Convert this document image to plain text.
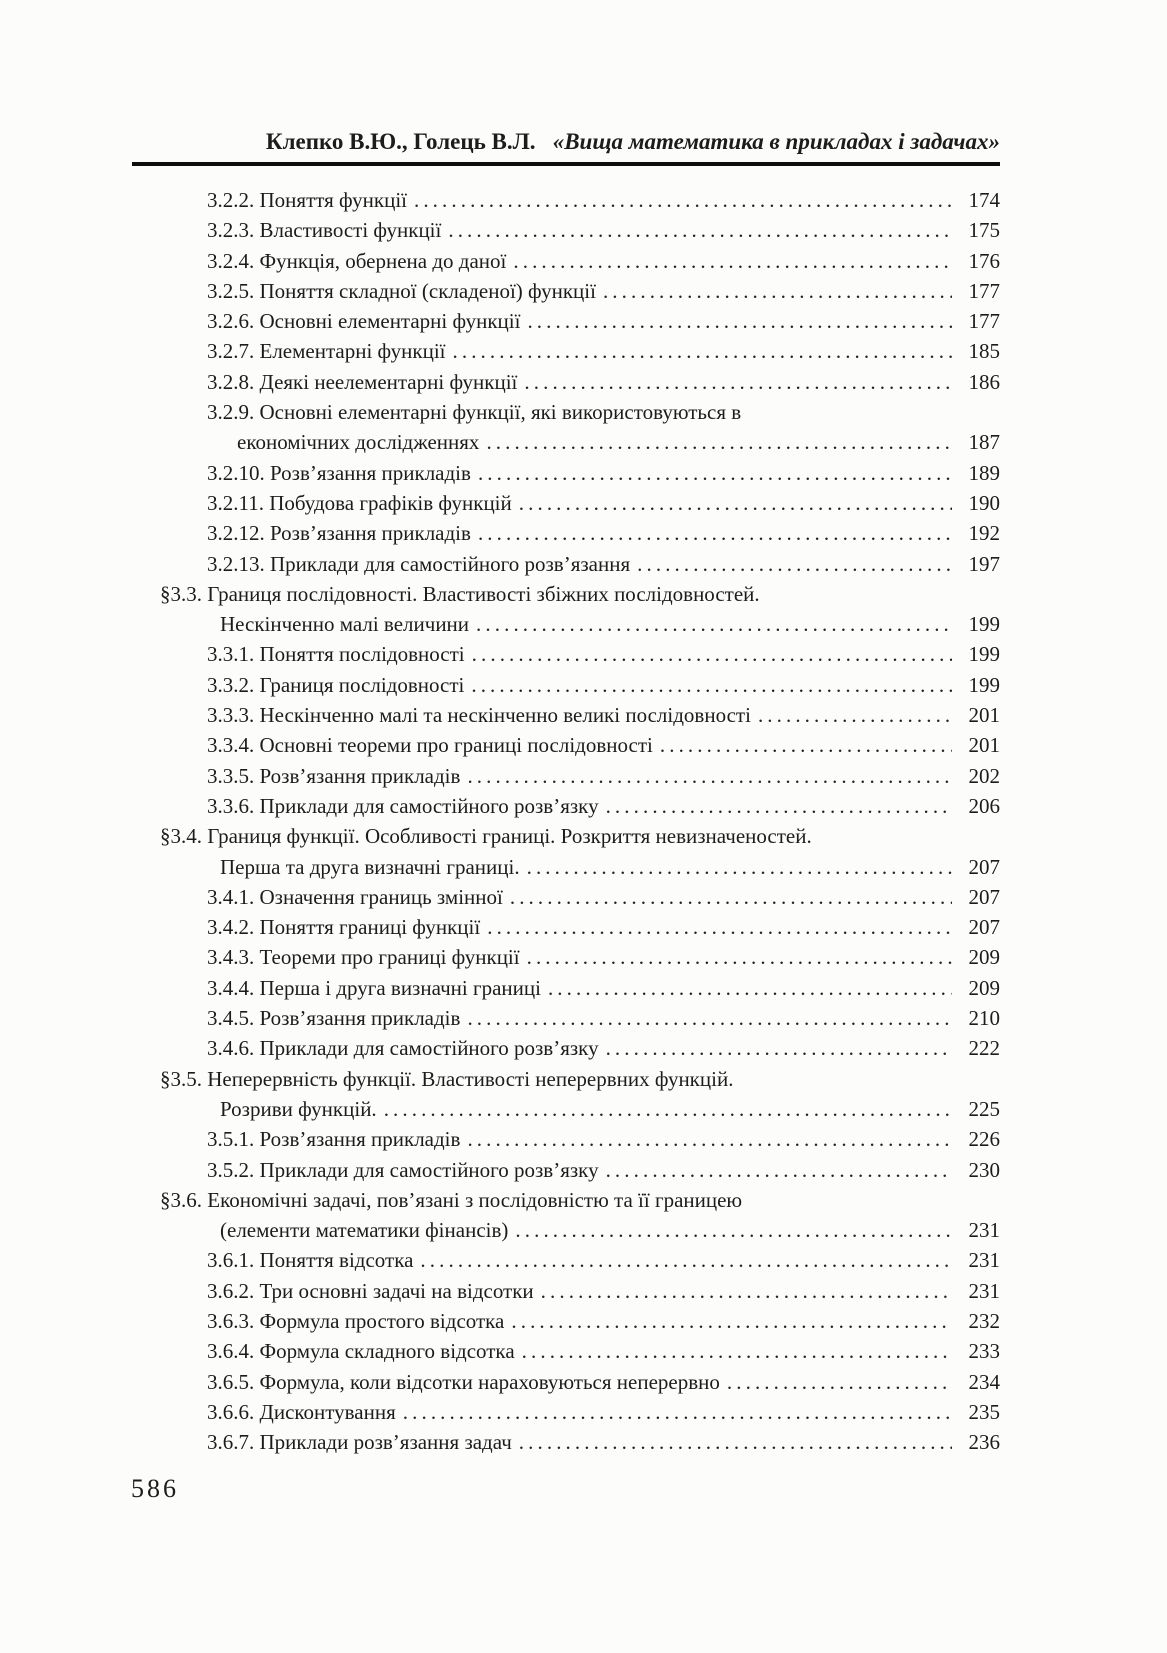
Клепко В.Ю., Голець В.Л. «Вища математика в прикладах і задачах»
3.2.2. Поняття функції .....	174
3.2.3. Властивості функції .....	175
3.2.4. Функція, обернена до даної .....	176
3.2.5. Поняття складної (складеної) функції .....	177
3.2.6. Основні елементарні функції .....	177
3.2.7. Елементарні функції .....	185
3.2.8. Деякі неелементарні функції .....	186
3.2.9. Основні елементарні функції, які використовуються в
економічних дослідженнях .....	187
3.2.10. Розв’язання прикладів .....	189
3.2.11. Побудова графіків функцій .....	190
3.2.12. Розв’язання прикладів .....	192
3.2.13. Приклади для самостійного розв’язання .....	197
§3.3. Границя послідовності. Властивості збіжних послідовностей.
Нескінченно малі величини .....	199
3.3.1. Поняття послідовності .....	199
3.3.2. Границя послідовності .....	199
3.3.3. Нескінченно малі та нескінченно великі послідовності .....	201
3.3.4. Основні теореми про границі послідовності .....	201
3.3.5. Розв’язання прикладів .....	202
3.3.6. Приклади для самостійного розв’язку .....	206
§3.4. Границя функції. Особливості границі. Розкриття невизначеностей.
Перша та друга визначні границі. .....	207
3.4.1. Означення границь змінної .....	207
3.4.2. Поняття границі функції .....	207
3.4.3. Теореми про границі функції .....	209
3.4.4. Перша і друга визначні границі .....	209
3.4.5. Розв’язання прикладів .....	210
3.4.6. Приклади для самостійного розв’язку .....	222
§3.5. Неперервність функції. Властивості неперервних функцій.
Розриви функцій. .....	225
3.5.1. Розв’язання прикладів .....	226
3.5.2. Приклади для самостійного розв’язку .....	230
§3.6. Економічні задачі, пов’язані з послідовністю та її границею
(елементи математики фінансів) .....	231
3.6.1. Поняття відсотка .....	231
3.6.2. Три основні задачі на відсотки .....	231
3.6.3. Формула простого відсотка .....	232
3.6.4. Формула складного відсотка .....	233
3.6.5. Формула, коли відсотки нараховуються неперервно .....	234
3.6.6. Дисконтування .....	235
3.6.7. Приклади розв’язання задач .....	236
586
